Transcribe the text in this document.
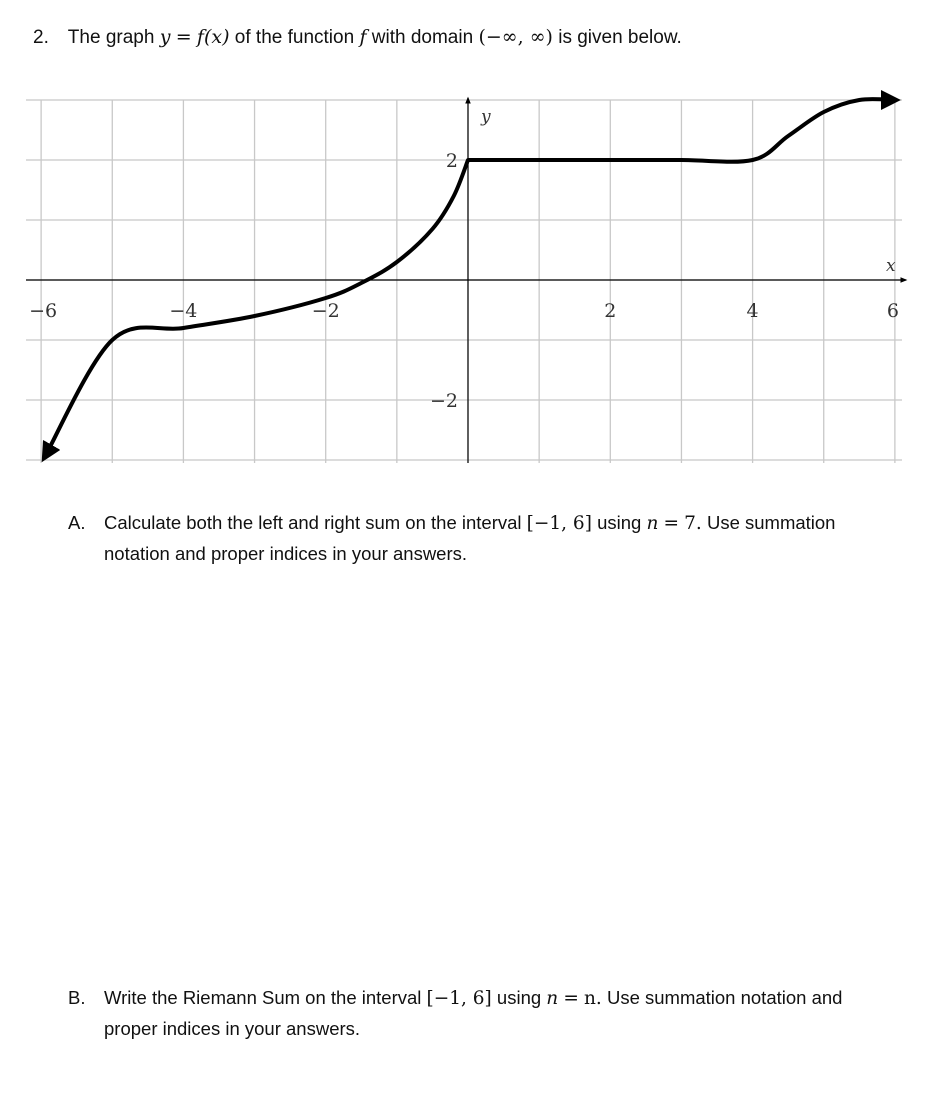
2. The graph y = f(x) of the function f with domain (−∞, ∞) is given below.
x
y
−6	−4	−2	2	4	6
2
−2
A. Calculate both the left and right sum on the interval [−1, 6] using n = 7. Use summation
notation and proper indices in your answers.
B. Write the Riemann Sum on the interval [−1, 6] using n = n. Use summation notation and
proper indices in your answers.
